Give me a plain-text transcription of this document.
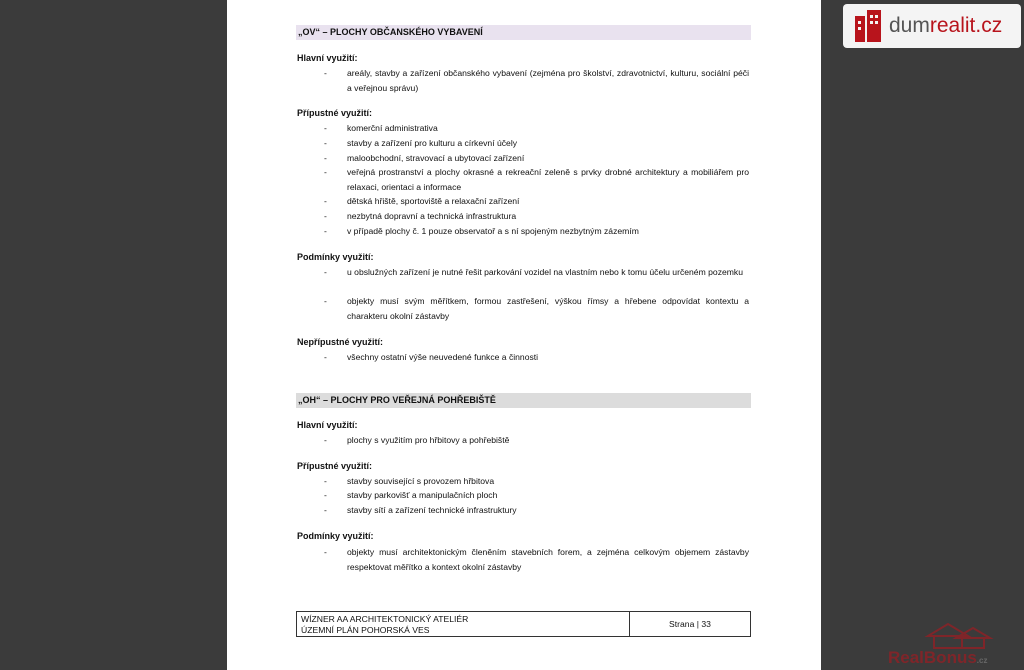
„OV“ – PLOCHY OBČANSKÉHO VYBAVENÍ
Hlavní využití:
- areály, stavby a zařízení občanského vybavení (zejména pro školství, zdravotnictví, kulturu, sociální péči a veřejnou správu)
Přípustné využití:
- komerční administrativa
- stavby a zařízení pro kulturu a církevní účely
- maloobchodní, stravovací a ubytovací zařízení
- veřejná prostranství a plochy okrasné a rekreační zeleně s prvky drobné architektury a mobiliářem pro relaxaci, orientaci a informace
- dětská hřiště, sportoviště a relaxační zařízení
- nezbytná dopravní a technická infrastruktura
- v případě plochy č. 1 pouze observatoř a s ní spojeným nezbytným zázemím
Podmínky využití:
- u obslužných zařízení je nutné řešit parkování vozidel na vlastním nebo k tomu účelu určeném pozemku
- objekty musí svým měřítkem, formou zastřešení, výškou římsy a hřebene odpovídat kontextu a charakteru okolní zástavby
Nepřípustné využití:
- všechny ostatní výše neuvedené funkce a činnosti
„OH“ – PLOCHY PRO VEŘEJNÁ POHŘEBIŠTĚ
Hlavní využití:
- plochy s využitím pro hřbitovy a pohřebiště
Přípustné využití:
- stavby související s provozem hřbitova
- stavby parkovišť a manipulačních ploch
- stavby sítí a zařízení technické infrastruktury
Podmínky využití:
- objekty musí architektonickým členěním stavebních forem, a zejména celkovým objemem zástavby respektovat měřítko a kontext okolní zástavby
WÍZNER AA ARCHITEKTONICKÝ ATELIÉR
ÚZEMNÍ PLÁN POHORSKÁ VES
Strana | 33
dum realit.cz
RealBonus.cz
